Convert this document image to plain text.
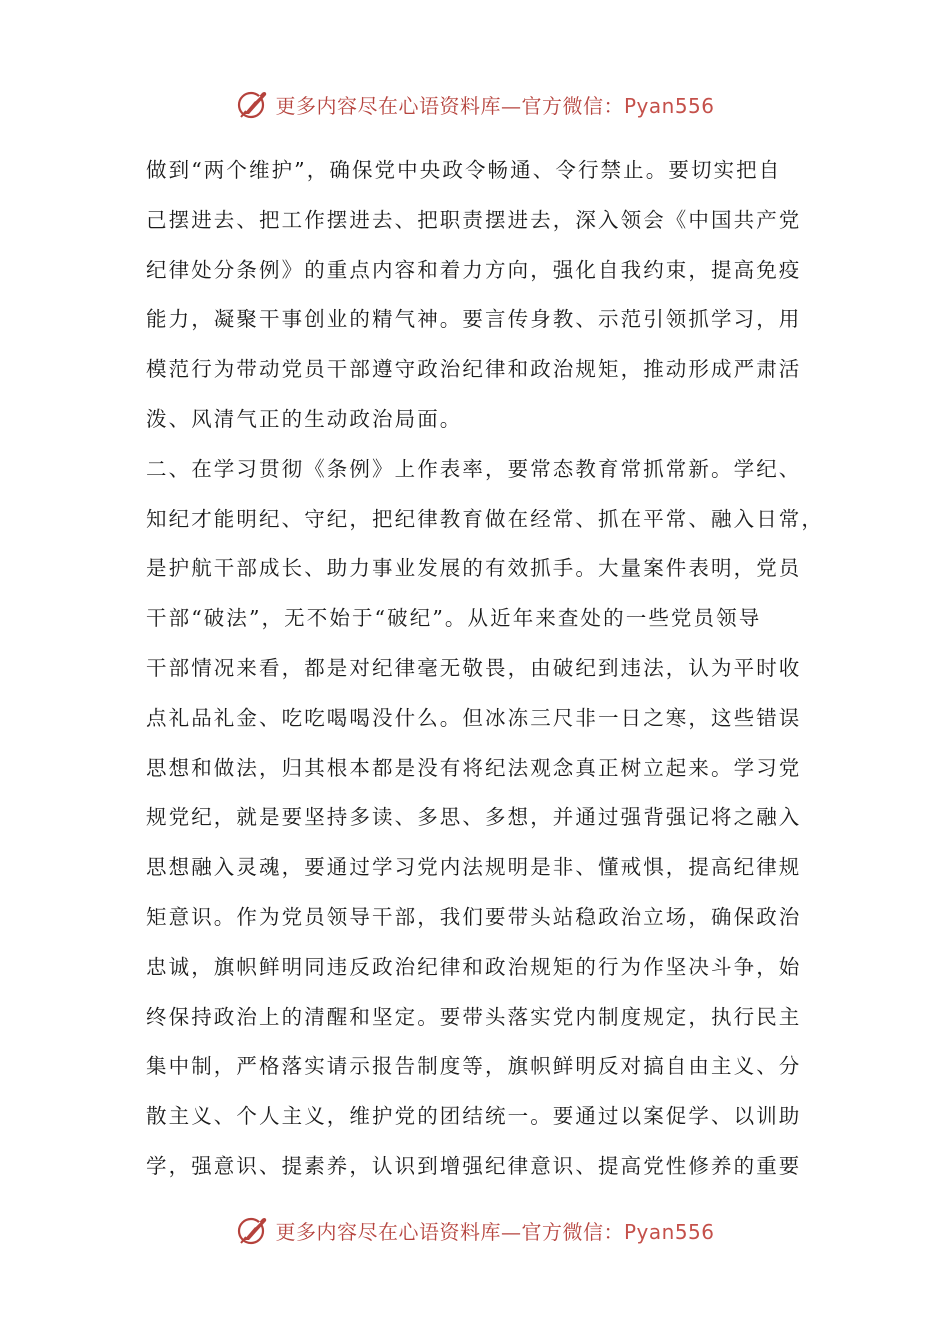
更多内容尽在心语资料库—官方微信：Pyan556
做到“两个维护”，确保党中央政令畅通、令行禁止。要切实把自
己摆进去、把工作摆进去、把职责摆进去，深入领会《中国共产党
纪律处分条例》的重点内容和着力方向，强化自我约束，提高免疫
能力，凝聚干事创业的精气神。要言传身教、示范引领抓学习，用
模范行为带动党员干部遵守政治纪律和政治规矩，推动形成严肃活
泼、风清气正的生动政治局面。
二、在学习贯彻《条例》上作表率，要常态教育常抓常新。学纪、
知纪才能明纪、守纪，把纪律教育做在经常、抓在平常、融入日常，
是护航干部成长、助力事业发展的有效抓手。大量案件表明，党员
干部“破法”，无不始于“破纪”。从近年来查处的一些党员领导
干部情况来看，都是对纪律毫无敬畏，由破纪到违法，认为平时收
点礼品礼金、吃吃喝喝没什么。但冰冻三尺非一日之寒，这些错误
思想和做法，归其根本都是没有将纪法观念真正树立起来。学习党
规党纪，就是要坚持多读、多思、多想，并通过强背强记将之融入
思想融入灵魂，要通过学习党内法规明是非、懂戒惧，提高纪律规
矩意识。作为党员领导干部，我们要带头站稳政治立场，确保政治
忠诚，旗帜鲜明同违反政治纪律和政治规矩的行为作坚决斗争，始
终保持政治上的清醒和坚定。要带头落实党内制度规定，执行民主
集中制，严格落实请示报告制度等，旗帜鲜明反对搞自由主义、分
散主义、个人主义，维护党的团结统一。要通过以案促学、以训助
学，强意识、提素养，认识到增强纪律意识、提高党性修养的重要
更多内容尽在心语资料库—官方微信：Pyan556
